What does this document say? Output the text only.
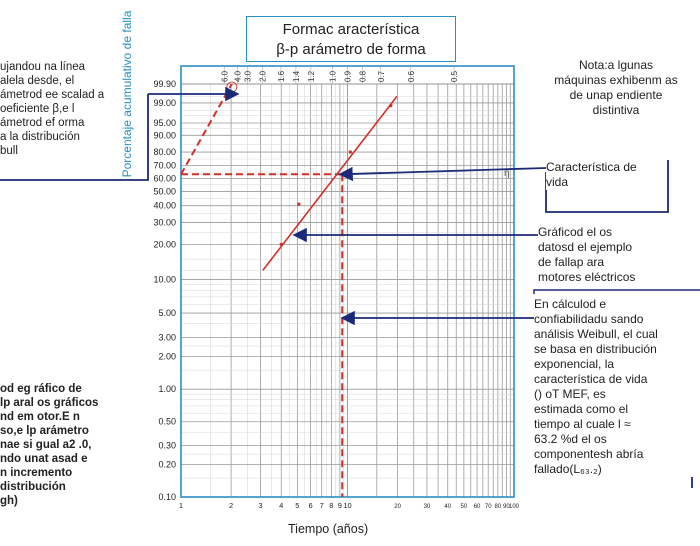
6.0 4.0 3.0 2.0 1.6 1.4 1.2 1.0 0.9 0.8 0.7	0.6	0.5
0.10
0.20
0.30
0.50
1.00
2.00
3.00
5.00
10.00
20.00
30.00
40.00
50.00
60.00
70.00
80.00
90.00
95.00
99.00
99.90
1	2	3 4 5 6 7 8 9 10	20	30 40 50 60 70 80 90 100
Formac aracterística
β-p arámetro de forma
ujandou na línea
alela desde, el
ámetrod ee scalad a
oeficiente β,e l
ámetrod ef orma
a la distribución
bull
od eg ráfico de
lp aral os gráficos
nd em otor.E n
so,e lp arámetro
nae si gual a2 .0,
ndo unat asad e
n incremento
distribución
gh)
Nota:a lgunas
máquinas exhibenm as
de unap endiente
distintiva
Característica de
vida
Gráficod el os
datosd el ejemplo
de fallap ara
motores eléctricos
En cálculod e
confiabilidadu sando
análisis Weibull, el cual
se basa en distribución
exponencial, la
característica de vida
() oT MEF, es
estimada como el
tiempo al cuale l ≈
63.2 %d el os
componentesh abría
fallado(L₆₃.₂)
Porcentaje acumulativo de falla
Tiempo (años)
η
